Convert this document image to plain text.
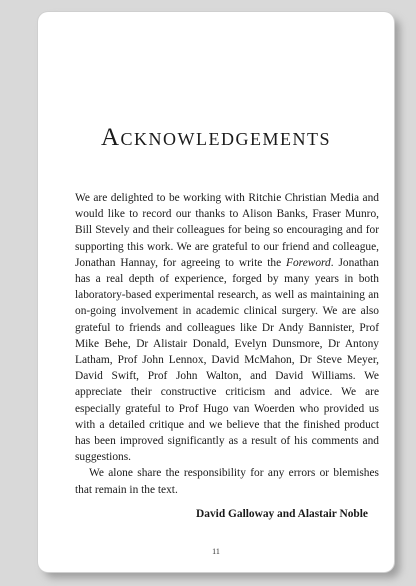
Acknowledgements

We are delighted to be working with Ritchie Christian Media and would like to record our thanks to Alison Banks, Fraser Munro, Bill Stevely and their colleagues for being so encouraging and for supporting this work. We are grateful to our friend and colleague, Jonathan Hannay, for agreeing to write the Foreword. Jonathan has a real depth of experience, forged by many years in both laboratory-based experimental research, as well as maintaining an on-going involvement in academic clinical surgery. We are also grateful to friends and colleagues like Dr Andy Bannister, Prof Mike Behe, Dr Alistair Donald, Evelyn Dunsmore, Dr Antony Latham, Prof John Lennox, David McMahon, Dr Steve Meyer, David Swift, Prof John Walton, and David Williams. We appreciate their constructive criticism and advice. We are especially grateful to Prof Hugo van Woerden who provided us with a detailed critique and we believe that the finished product has been improved significantly as a result of his comments and suggestions.

We alone share the responsibility for any errors or blemishes that remain in the text.

David Galloway and Alastair Noble

11
